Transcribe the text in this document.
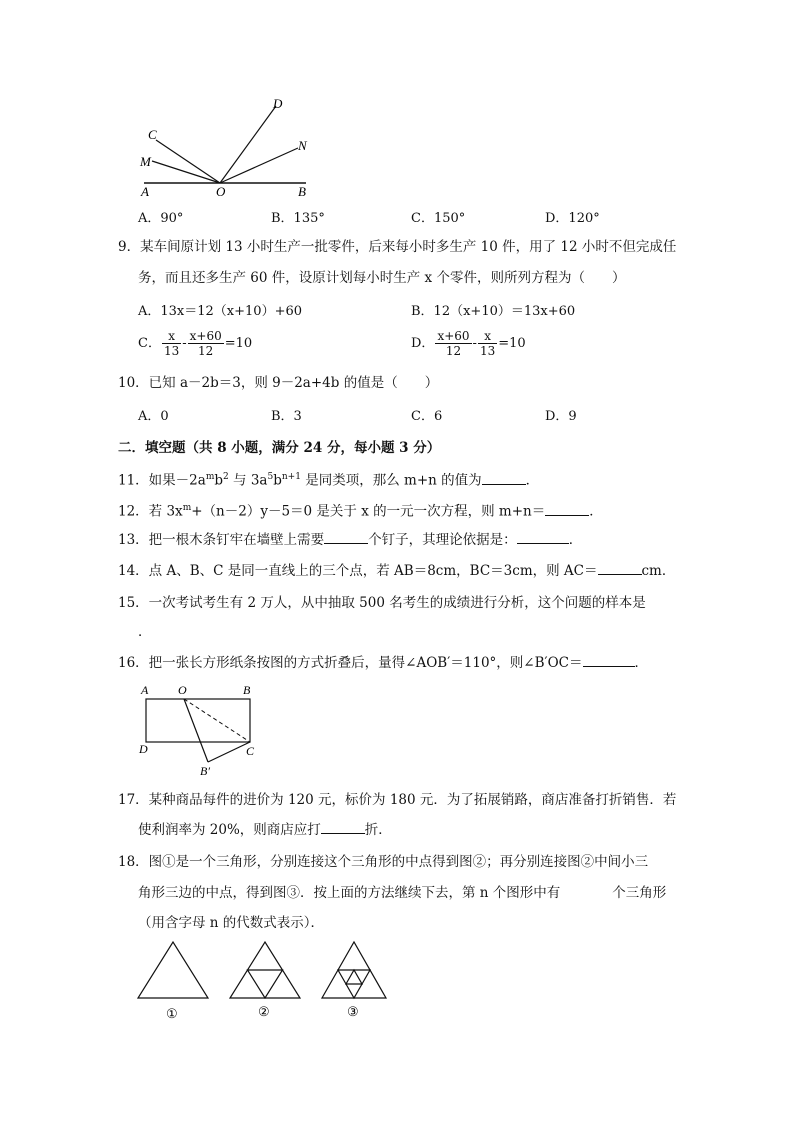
C
M
D
N
A	O	B
A．90°	B．135°	C．150°	D．120°
9．某车间原计划 13 小时生产一批零件，后来每小时多生产 10 件，用了 12 小时不但完成任
务，而且还多生产 60 件，设原计划每小时生产 x 个零件，则所列方程为（　　）
A．13x＝12（x+10）+60	B．12（x+10）＝13x+60
C． $\frac{x}{13} - \frac{x+60}{12} =10$	D． $\frac{x+60}{12} - \frac{x}{13} =10$
10．已知 a－2b＝3，则 9－2a+4b 的值是（　　）
A．0	B．3	C．6	D．9
二．填空题（共 8 小题，满分 24 分，每小题 3 分）
11．如果$-2a^mb^2$ 与 $3a^5b^{n+1}$ 是同类项，那么 m+n 的值为	．
12．若 $3x^m+(n-2)y-5=0$ 是关于 x 的一元一次方程，则 m+n＝	．
13．把一根木条钉牢在墙壁上需要	个钉子，其理论依据是：	．
14．点 A、B、C 是同一直线上的三个点，若 AB＝8cm，BC＝3cm，则 AC＝	cm．
15．一次考试考生有 2 万人，从中抽取 500 名考生的成绩进行分析，这个问题的样本是
．
16．把一张长方形纸条按图的方式折叠后，量得∠AOB′＝110°，则∠B′OC＝	．
A O	B
D	C
B′
17．某种商品每件的进价为 120 元，标价为 180 元．为了拓展销路，商店准备打折销售．若
使利润率为 20%，则商店应打	折．
18．图①是一个三角形，分别连接这个三角形的中点得到图②；再分别连接图②中间小三
角形三边的中点，得到图③．按上面的方法继续下去，第 n 个图形中有	个三角形
（用含字母 n 的代数式表示）．
①	②	③
